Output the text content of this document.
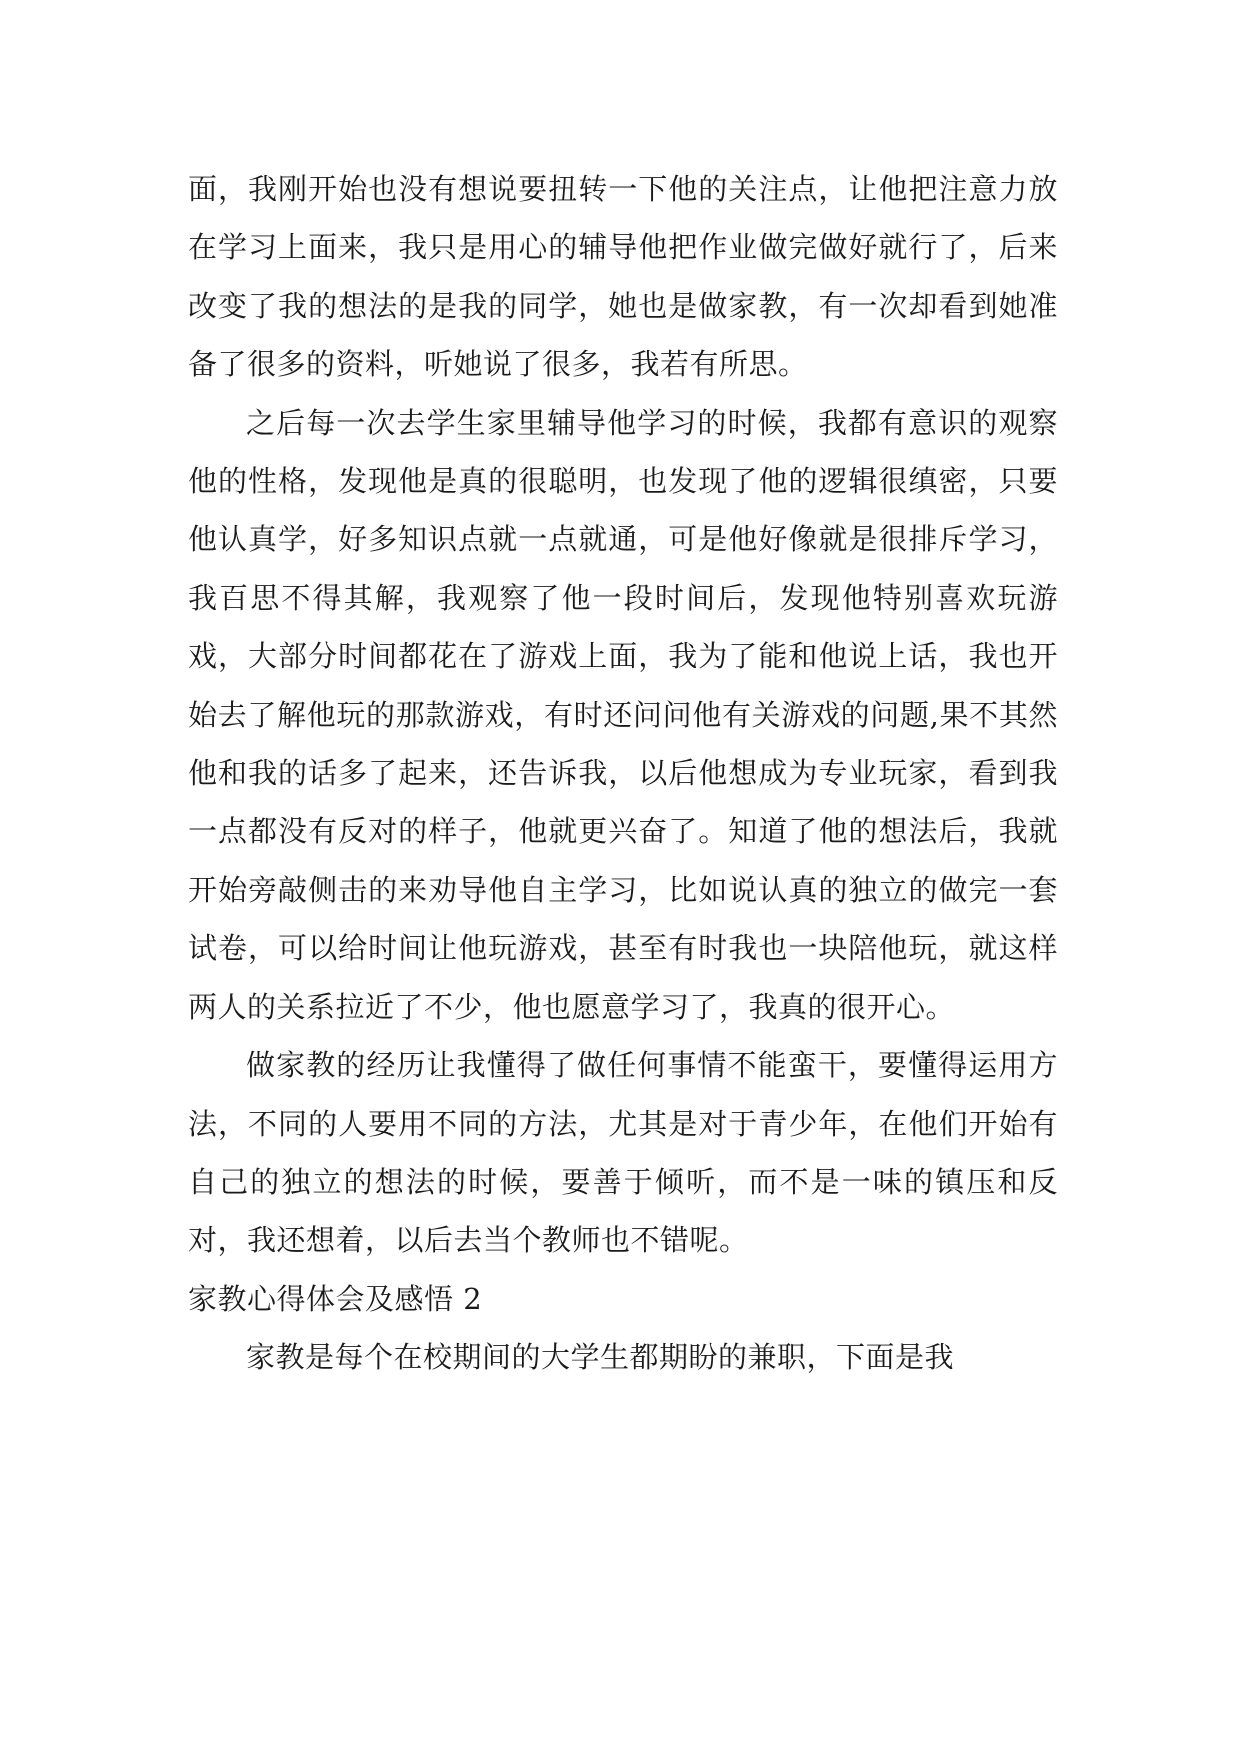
面，我刚开始也没有想说要扭转一下他的关注点，让他把注意力放在学习上面来，我只是用心的辅导他把作业做完做好就行了，后来改变了我的想法的是我的同学，她也是做家教，有一次却看到她准备了很多的资料，听她说了很多，我若有所思。

之后每一次去学生家里辅导他学习的时候，我都有意识的观察他的性格，发现他是真的很聪明，也发现了他的逻辑很缜密，只要他认真学，好多知识点就一点就通，可是他好像就是很排斥学习，我百思不得其解，我观察了他一段时间后，发现他特别喜欢玩游戏，大部分时间都花在了游戏上面，我为了能和他说上话，我也开始去了解他玩的那款游戏，有时还问问他有关游戏的问题,果不其然他和我的话多了起来，还告诉我，以后他想成为专业玩家，看到我一点都没有反对的样子，他就更兴奋了。知道了他的想法后，我就开始旁敲侧击的来劝导他自主学习，比如说认真的独立的做完一套试卷，可以给时间让他玩游戏，甚至有时我也一块陪他玩，就这样两人的关系拉近了不少，他也愿意学习了，我真的很开心。

做家教的经历让我懂得了做任何事情不能蛮干，要懂得运用方法，不同的人要用不同的方法，尤其是对于青少年，在他们开始有自己的独立的想法的时候，要善于倾听，而不是一味的镇压和反对，我还想着，以后去当个教师也不错呢。

家教心得体会及感悟 2

家教是每个在校期间的大学生都期盼的兼职，下面是我
